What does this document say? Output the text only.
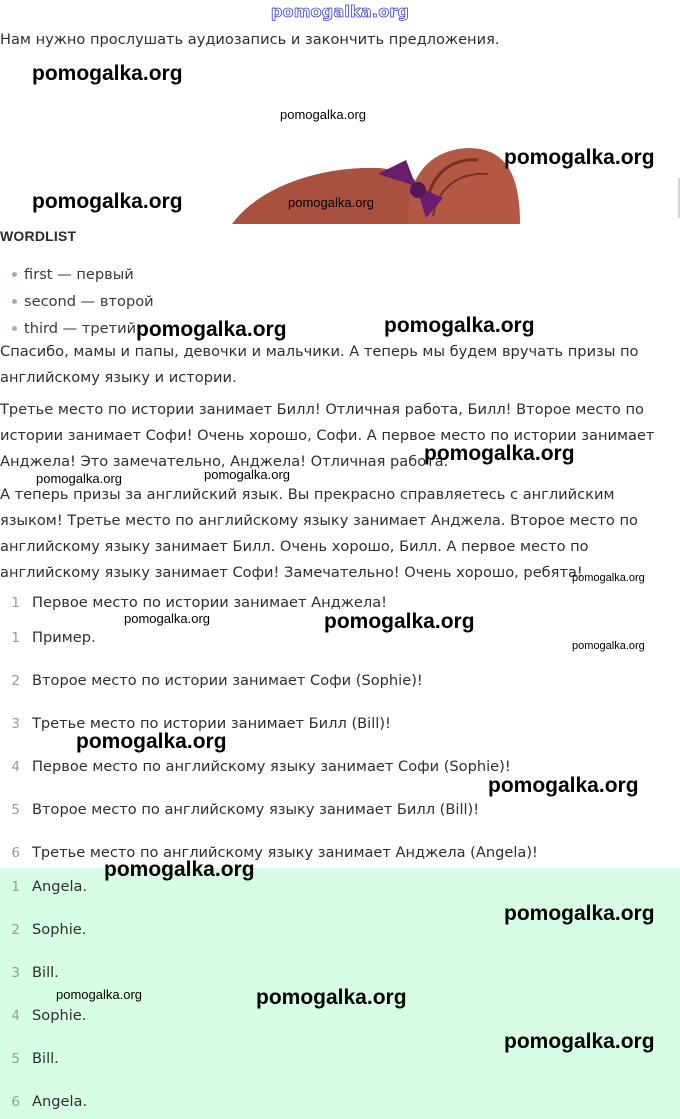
pomogalka.org
Нам нужно прослушать аудиозапись и закончить предложения.
WORDLIST
first — первый
second — второй
third — третий
Спасибо, мамы и папы, девочки и мальчики. А теперь мы будем вручать призы по английскому языку и истории.
Третье место по истории занимает Билл! Отличная работа, Билл! Второе место по истории занимает Софи! Очень хорошо, Софи. А первое место по истории занимает Анджела! Это замечательно, Анджела! Отличная работа.
А теперь призы за английский язык. Вы прекрасно справляетесь с английским языком! Третье место по английскому языку занимает Анджела. Второе место по английскому языку занимает Билл. Очень хорошо, Билл. А первое место по английскому языку занимает Софи! Замечательно! Очень хорошо, ребята!
1 Первое место по истории занимает Анджела!
1 Пример.
2 Второе место по истории занимает Софи (Sophie)!
3 Третье место по истории занимает Билл (Bill)!
4 Первое место по английскому языку занимает Софи (Sophie)!
5 Второе место по английскому языку занимает Билл (Bill)!
6 Третье место по английскому языку занимает Анджела (Angela)!
1 Angela.
2 Sophie.
3 Bill.
4 Sophie.
5 Bill.
6 Angela.
pomogalka.org
pomogalka.org
pomogalka.org
pomogalka.org	pomogalka.org
pomogalka.org	pomogalka.org
pomogalka.org
pomogalka.org	pomogalka.org
pomogalka.org
pomogalka.org	pomogalka.org
pomogalka.org
pomogalka.org
pomogalka.org
pomogalka.org
pomogalka.org
pomogalka.org	pomogalka.org
pomogalka.org
